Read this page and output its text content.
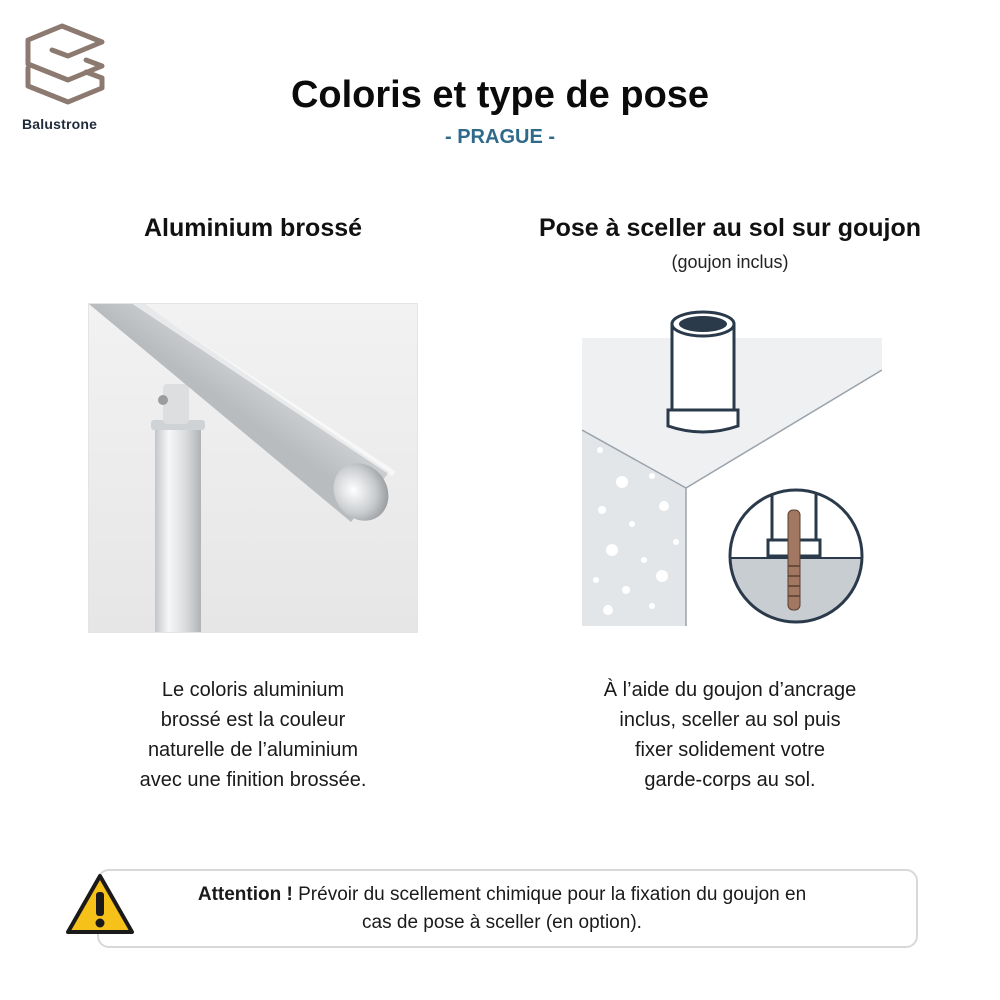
Balustrone
Coloris et type de pose
- PRAGUE -
Aluminium brossé	Pose à sceller au sol sur goujon
(goujon inclus)
Le coloris aluminium
brossé est la couleur
naturelle de l’aluminium
avec une finition brossée.
À l’aide du goujon d’ancrage
inclus, sceller au sol puis
fixer solidement votre
garde-corps au sol.
Attention ! Prévoir du scellement chimique pour la fixation du goujon en
cas de pose à sceller (en option).
